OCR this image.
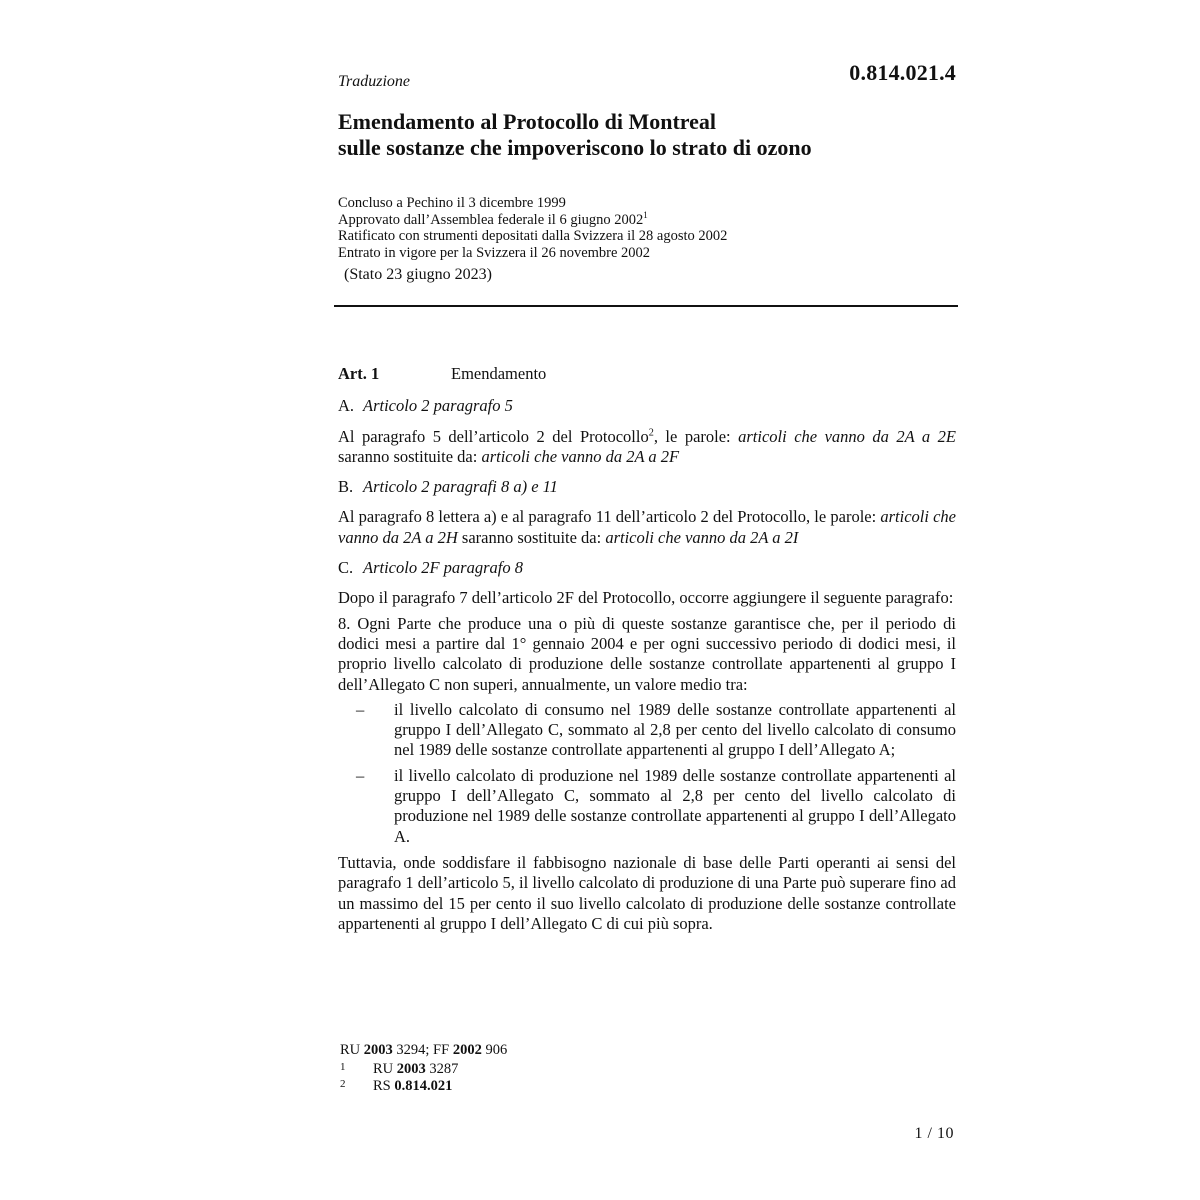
0.814.021.4
Traduzione
Emendamento al Protocollo di Montreal
sulle sostanze che impoveriscono lo strato di ozono
Concluso a Pechino il 3 dicembre 1999
Approvato dall’Assemblea federale il 6 giugno 2002$^1$
Ratificato con strumenti depositati dalla Svizzera il 28 agosto 2002
Entrato in vigore per la Svizzera il 26 novembre 2002
(Stato 23 giugno 2023)
Art. 1	Emendamento
A. Articolo 2 paragrafo 5

Al paragrafo 5 dell’articolo 2 del Protocollo$^2$, le parole: articoli che vanno da 2A a 2E saranno sostituite da: articoli che vanno da 2A a 2F

B. Articolo 2 paragrafi 8 a) e 11

Al paragrafo 8 lettera a) e al paragrafo 11 dell’articolo 2 del Protocollo, le parole: articoli che vanno da 2A a 2H saranno sostituite da: articoli che vanno da 2A a 2I

C. Articolo 2F paragrafo 8

Dopo il paragrafo 7 dell’articolo 2F del Protocollo, occorre aggiungere il seguente paragrafo:

8. Ogni Parte che produce una o più di queste sostanze garantisce che, per il periodo di dodici mesi a partire dal 1° gennaio 2004 e per ogni successivo periodo di dodici mesi, il proprio livello calcolato di produzione delle sostanze controllate appartenenti al gruppo I dell’Allegato C non superi, annualmente, un valore medio tra:

–	il livello calcolato di consumo nel 1989 delle sostanze controllate appartenenti al gruppo I dell’Allegato C, sommato al 2,8 per cento del livello calcolato di consumo nel 1989 delle sostanze controllate appartenenti al gruppo I dell’Allegato A;
–	il livello calcolato di produzione nel 1989 delle sostanze controllate appartenenti al gruppo I dell’Allegato C, sommato al 2,8 per cento del livello calcolato di produzione nel 1989 delle sostanze controllate appartenenti al gruppo I dell’Allegato A.

Tuttavia, onde soddisfare il fabbisogno nazionale di base delle Parti operanti ai sensi del paragrafo 1 dell’articolo 5, il livello calcolato di produzione di una Parte può superare fino ad un massimo del 15 per cento il suo livello calcolato di produzione delle sostanze controllate appartenenti al gruppo I dell’Allegato C di cui più sopra.

RU 2003 3294; FF 2002 906
1	RU 2003 3287
2	RS 0.814.021
1 / 10
